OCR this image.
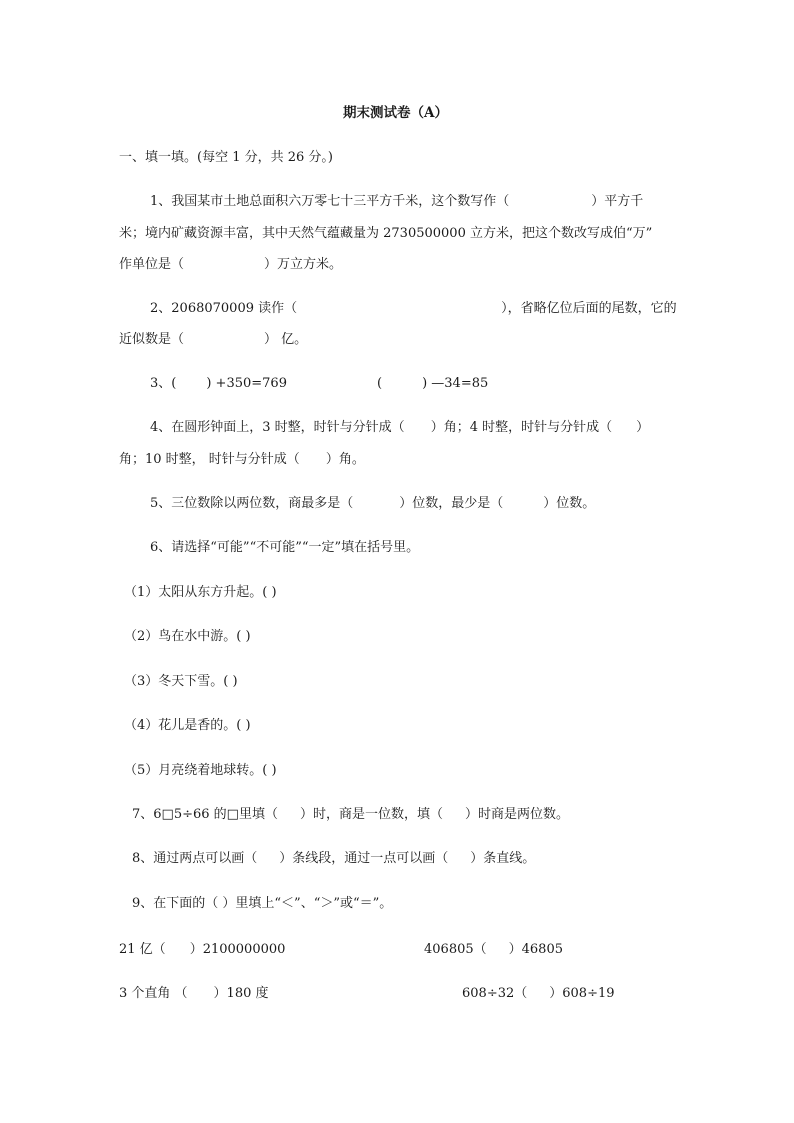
期末测试卷（A）
一、填一填。(每空 1 分，共 26 分。)
1、我国某市土地总面积六万零七十三平方千米，这个数写作（	）平方千
米；境内矿藏资源丰富，其中天然气蕴藏量为 2730500000 立方米，把这个数改写成伯“万”
作单位是（	）万立方米。
2、2068070009 读作（	），省略亿位后面的尾数，它的
近似数是（	） 亿。
3、( ) +350=769	(	) —34=85
4、在圆形钟面上，3 时整，时针与分针成（ ）角；4 时整，时针与分针成（ ）
角；10 时整， 时针与分针成（ ）角。
5、三位数除以两位数，商最多是（	）位数，最少是（	）位数。
6、请选择“可能”“不可能”“一定”填在括号里。
（1）太阳从东方升起。( )
（2）鸟在水中游。( )
（3）冬天下雪。( )
（4）花儿是香的。( )
（5）月亮绕着地球转。( )
7、6□5÷66 的□里填（ ）时，商是一位数，填（ ）时商是两位数。
8、通过两点可以画（ ）条线段，通过一点可以画（ ）条直线。
9、在下面的（ ）里填上“＜”、“＞”或“＝”。
21 亿（ ）2100000000	406805（ ）46805
3 个直角 （ ）180 度	608÷32（ ）608÷19
